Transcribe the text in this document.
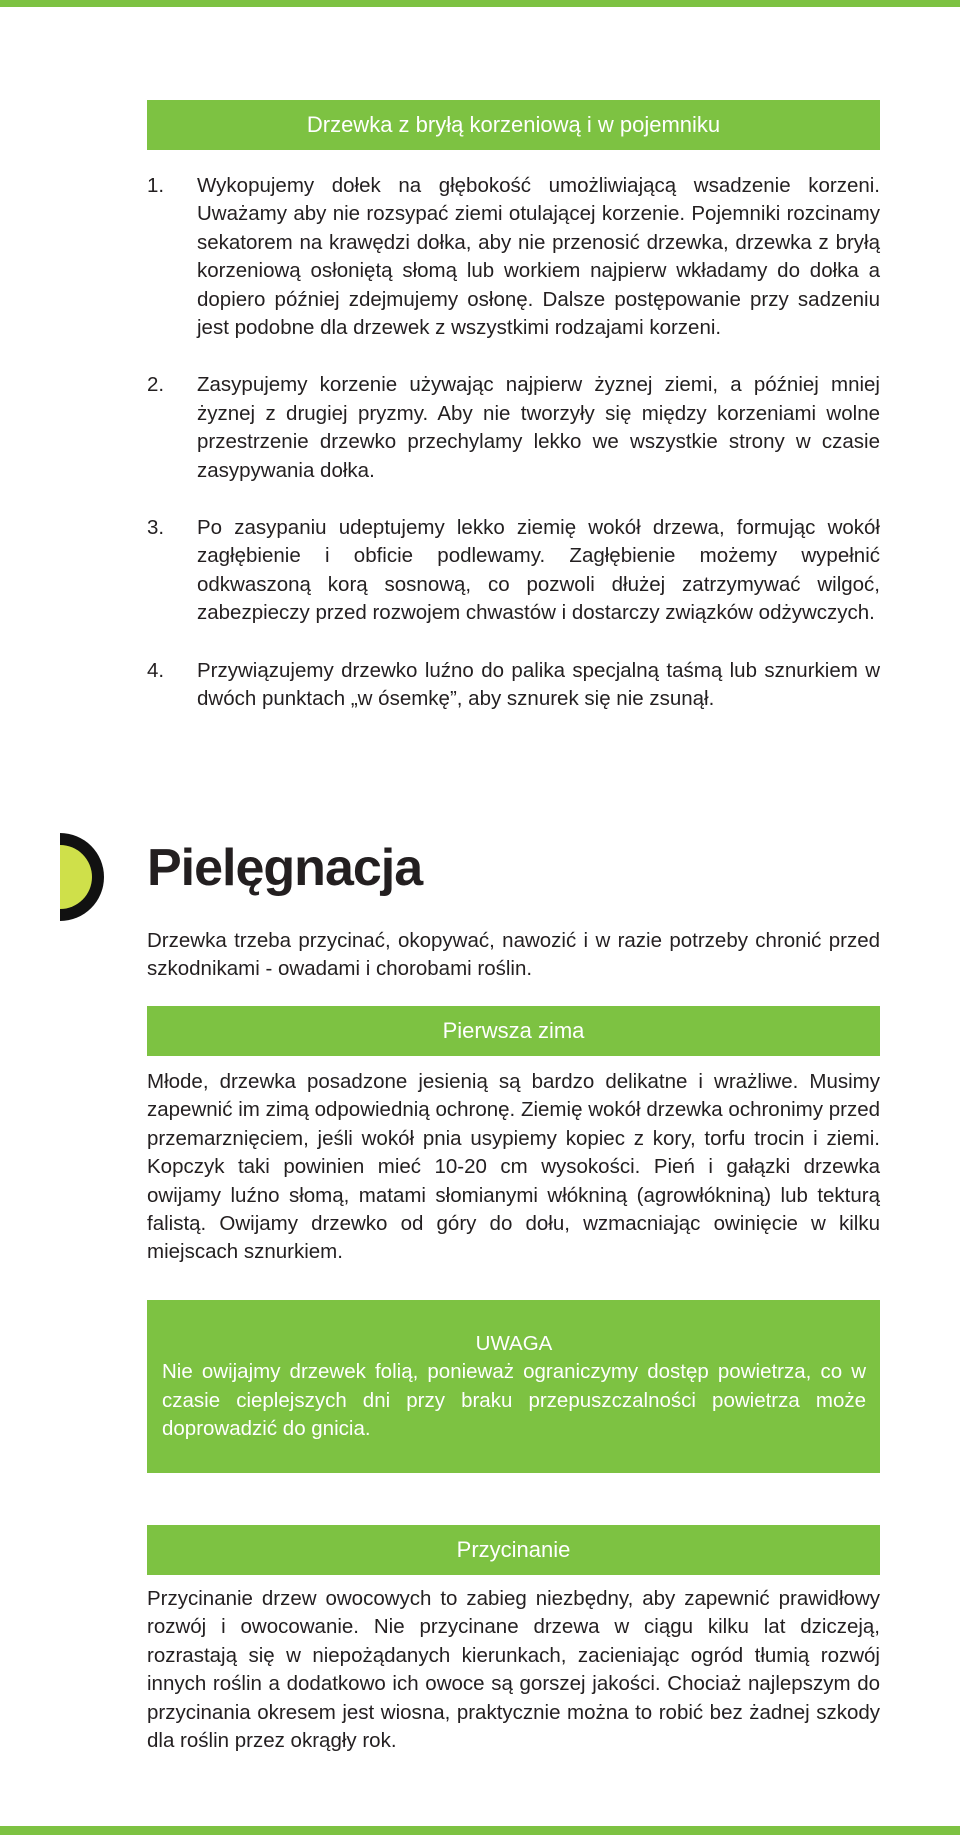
Drzewka z bryłą korzeniową i w pojemniku
1. Wykopujemy dołek na głębokość umożliwiającą wsadzenie korzeni. Uważamy aby nie rozsypać ziemi otulającej korzenie. Pojemniki rozcinamy sekatorem na krawędzi dołka, aby nie przenosić drzewka, drzewka z bryłą korzeniową osłoniętą słomą lub workiem najpierw wkładamy do dołka a dopiero później zdejmujemy osłonę. Dalsze postępowanie przy sadzeniu jest podobne dla drzewek z wszystkimi rodzajami korzeni.
2. Zasypujemy korzenie używając najpierw żyznej ziemi, a później mniej żyznej z drugiej pryzmy. Aby nie tworzyły się między korzeniami wolne przestrzenie drzewko przechylamy lekko we wszystkie strony w czasie zasypywania dołka.
3. Po zasypaniu udeptujemy lekko ziemię wokół drzewa, formując wokół zagłębienie i obficie podlewamy. Zagłębienie możemy wypełnić odkwaszoną korą sosnową, co pozwoli dłużej zatrzymywać wilgoć, zabezpieczy przed rozwojem chwastów i dostarczy związków odżywczych.
4. Przywiązujemy drzewko luźno do palika specjalną taśmą lub sznurkiem w dwóch punktach „w ósemkę”, aby sznurek się nie zsunął.
Pielęgnacja

Drzewka trzeba przycinać, okopywać, nawozić i w razie potrzeby chronić przed szkodnikami - owadami i chorobami roślin.

Pierwsza zima

Młode, drzewka posadzone jesienią są bardzo delikatne i wrażliwe. Musimy zapewnić im zimą odpowiednią ochronę. Ziemię wokół drzewka ochronimy przed przemarznięciem, jeśli wokół pnia usypiemy kopiec z kory, torfu trocin i ziemi. Kopczyk taki powinien mieć 10-20 cm wysokości. Pień i gałązki drzewka owijamy luźno słomą, matami słomianymi włókniną (agrowłókniną) lub tekturą falistą. Owijamy drzewko od góry do dołu, wzmacniając owinięcie w kilku miejscach sznurkiem.

UWAGA
Nie owijajmy drzewek folią, ponieważ ograniczymy dostęp powietrza, co w czasie cieplejszych dni przy braku przepuszczalności powietrza może doprowadzić do gnicia.
Przycinanie

Przycinanie drzew owocowych to zabieg niezbędny, aby zapewnić prawidłowy rozwój i owocowanie. Nie przycinane drzewa w ciągu kilku lat dziczeją, rozrastają się w niepożądanych kierunkach, zacieniając ogród tłumią rozwój innych roślin a dodatkowo ich owoce są gorszej jakości. Chociaż najlepszym do przycinania okresem jest wiosna, praktycznie można to robić bez żadnej szkody dla roślin przez okrągły rok.
